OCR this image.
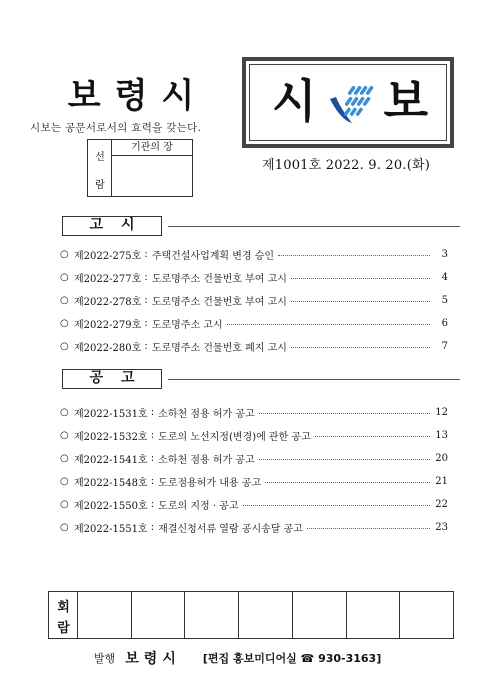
보령시
시보는 공문서로서의 효력을 갖는다.
선
람
기관의 장
시 보
제1001호 2022. 9. 20.(화)
고시
○ 제2022-275호 : 주택건설사업계획 변경 승인	3
○ 제2022-277호 : 도로명주소 건물번호 부여 고시	4
○ 제2022-278호 : 도로명주소 건물번호 부여 고시	5
○ 제2022-279호 : 도로명주소 고시	6
○ 제2022-280호 : 도로명주소 건물번호 폐지 고시	7
공고
○ 제2022-1531호 : 소하천 점용 허가 공고	12
○ 제2022-1532호 : 도로의 노선지정(변경)에 관한 공고	13
○ 제2022-1541호 : 소하천 점용 허가 공고	20
○ 제2022-1548호 : 도로점용허가 내용 공고	21
○ 제2022-1550호 : 도로의 지정 · 공고	22
○ 제2022-1551호 : 재결신청서류 열람 공시송달 공고	23
회
람
발행 보령시 [편집 홍보미디어실 ☎ 930-3163]
